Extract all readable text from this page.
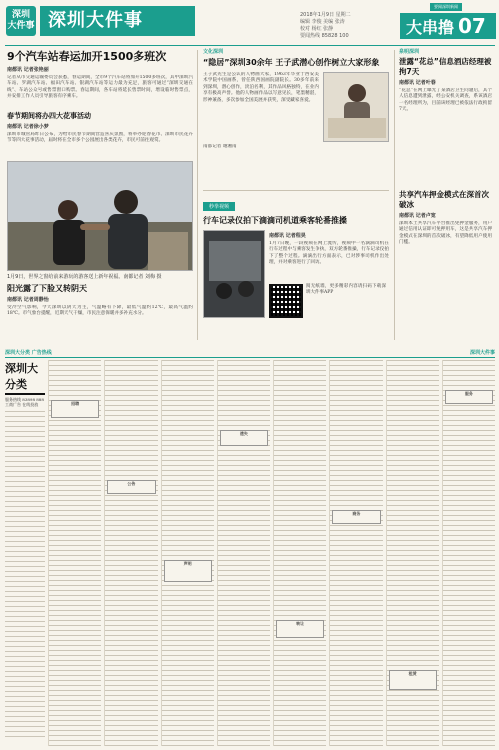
深圳
大件事 深圳大件事	2018年1月9日 星期二
编辑 李俊 美编 张涛
校对 杨红 张静
要闻热线 85828 100
要闻深圳新闻
大串撸 07
9个汽车站春运加开1500多班次
南都讯 记者张艳丽
记者从市交通运输委员会获悉，春运期间，全市9个汽车站将加开1500多班次，其中深圳汽车站、罗湖汽车站、福田汽车站、银湖汽车站等运力最为充足，旅客可通过“深圳交通在线”、车站公众号或售票窗口购票。春运期间，各车站将延长售票时间，增设临时售票点，并安排工作人员引导旅客有序乘车。
春节期间将办四大花事活动
南都讯 记者徐小梦
深圳市城管局昨日公布，为给市民春节期间营造喜庆氛围，将举办迎春花市、深圳市民花卉节等四大花事活动，届时将在全市多个公园展出各类花卉，市民可前往观赏。
1月9日，世界之窗给前来游玩的游客送上新年祝福。南都记者 刘梅 摄
阳光露了下脸又转阴天
南都讯 记者周静怡
受冷空气影响，今天深圳以阴天为主，气温略有下降，最低气温约12℃，最高气温约18℃。市气象台提醒，近期天气干燥，市民注意保暖并多补充水分。
文化深圳
“隐居”深圳30余年 王子武潜心创作树立大家形象
王子武先生是公认的人物画大家，1963年毕业于西安美术学院中国画系，曾任陕西国画院副院长。30多年前来到深圳，潜心创作，淡泊名利，其作品风格独特，在业内享有极高声誉。他的人物画作品以写意见长，笔墨精湛，形神兼备，多次参加全国美展并获奖，深受藏家喜爱。
南都记者 谢湘南
秒拳视频
行车记录仪拍下滴滴司机道乘客轮番推搡
南都讯 记者程昊
1月7日晚，一段视频在网上流传，视频中一名滴滴司机在行车过程中与乘客发生争执，双方轮番推搡，行车记录仪拍下了整个过程。滴滴出行方面表示，已对涉事司机作出处理，并对乘客进行了回访。
阅无纸墙，更多精彩内容请扫码下载深圳大件事APP
泉明深圳
泄露“花总”信息酒店经理被拘7天
南都讯 记者叶春
“花总”在网上曝光了某酒店卫生问题后，其个人信息遭到泄露，经公安机关调查，系该酒店一名经理所为，目前该经理已被依法行政拘留7天。
共享汽车押金模式在深首次破冰
南都讯 记者卢宽
深圳本土共享汽车平台推出免押金服务，用户通过信用认证即可免押用车，这是共享汽车押金模式在深圳的首次破冰，有望降低用户使用门槛。
深圳大分类 广告热线	深圳大件事
深圳大分类
服务热线 83898 888 工商广告 在线投放	招聘
公告
声明
遗失
转让
商务
租赁
服务
